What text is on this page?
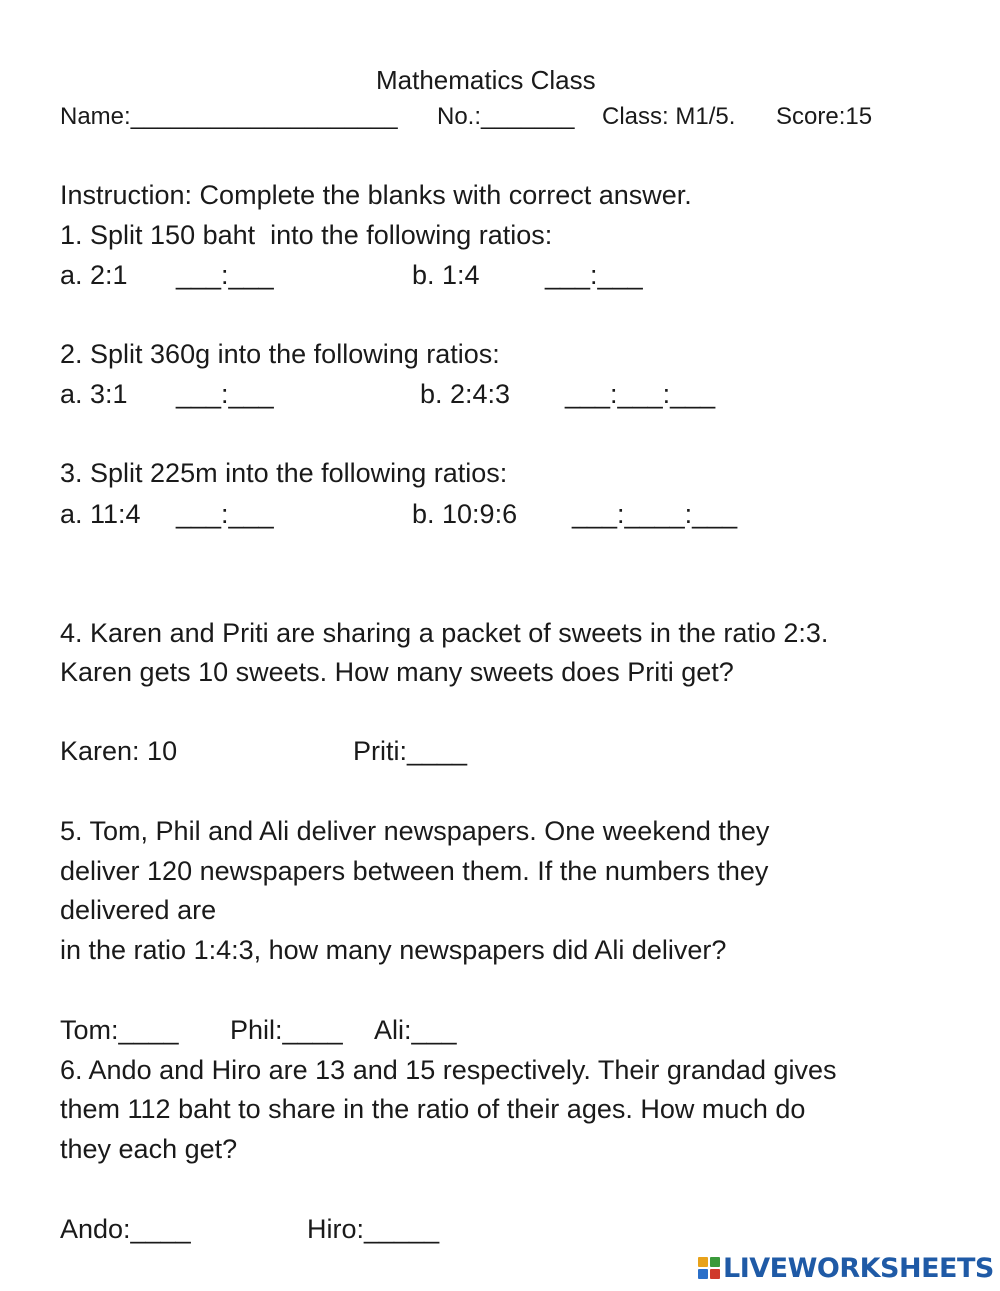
Mathematics Class
Name:____________________ No.:_______ Class: M1/5. Score:15
Instruction: Complete the blanks with correct answer.
1. Split 150 baht  into the following ratios:
a. 2:1 ___:___	b. 1:4 ___:___
2. Split 360g into the following ratios:
a. 3:1 ___:___	b. 2:4:3 ___:___:___
3. Split 225m into the following ratios:
a. 11:4 ___:___	b. 10:9:6 ___:____:___
4. Karen and Priti are sharing a packet of sweets in the ratio 2:3.
Karen gets 10 sweets. How many sweets does Priti get?
Karen: 10	Priti:____
5. Tom, Phil and Ali deliver newspapers. One weekend they
deliver 120 newspapers between them. If the numbers they
delivered are
in the ratio 1:4:3, how many newspapers did Ali deliver?
Tom:____ Phil:____ Ali:___
6. Ando and Hiro are 13 and 15 respectively. Their grandad gives
them 112 baht to share in the ratio of their ages. How much do
they each get?
Ando:____	Hiro:_____
LIVEWORKSHEETS
